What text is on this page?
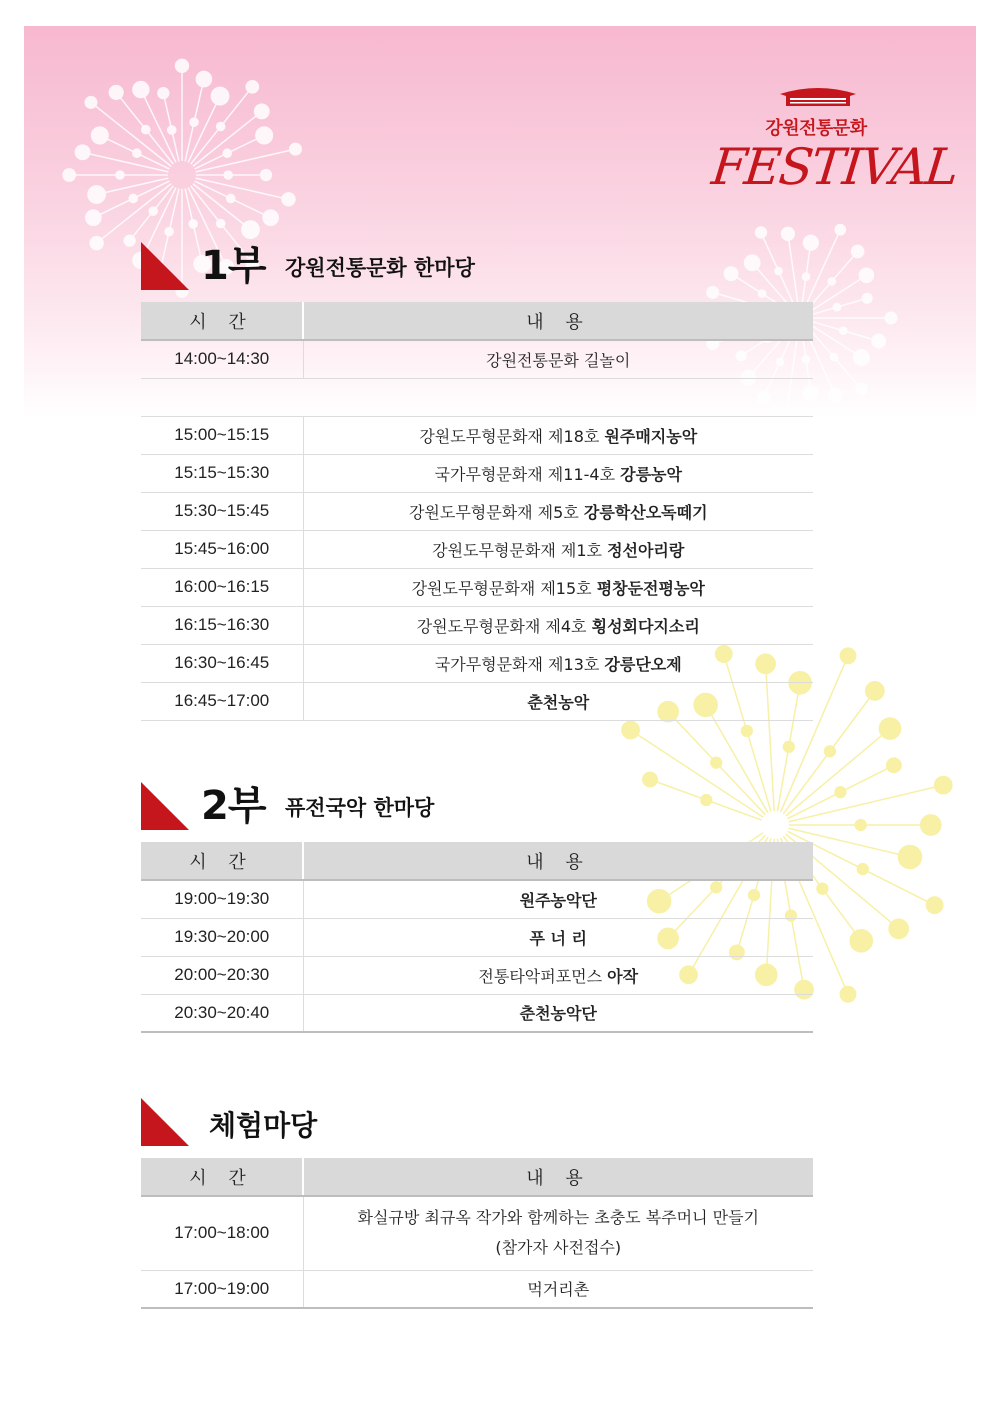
강원전통문화
FESTIVAL
1부 강원전통문화 한마당
시 간	내 용
14:00~14:30	강원전통문화 길놀이

15:00~15:15	강원도무형문화재 제18호 원주매지농악
15:15~15:30	국가무형문화재 제11-4호 강릉농악
15:30~15:45	강원도무형문화재 제5호 강릉학산오독떼기
15:45~16:00	강원도무형문화재 제1호 정선아리랑
16:00~16:15	강원도무형문화재 제15호 평창둔전평농악
16:15~16:30	강원도무형문화재 제4호 횡성회다지소리
16:30~16:45	국가무형문화재 제13호 강릉단오제
16:45~17:00	춘천농악
2부 퓨전국악 한마당
시 간	내 용
19:00~19:30	원주농악단
19:30~20:00	푸 너 리
20:00~20:30	전통타악퍼포먼스 아작
20:30~20:40	춘천농악단
체험마당
시 간	내 용
17:00~18:00	화실규방 최규옥 작가와 함께하는 초충도 복주머니 만들기
(참가자 사전접수)

17:00~19:00	먹거리촌
